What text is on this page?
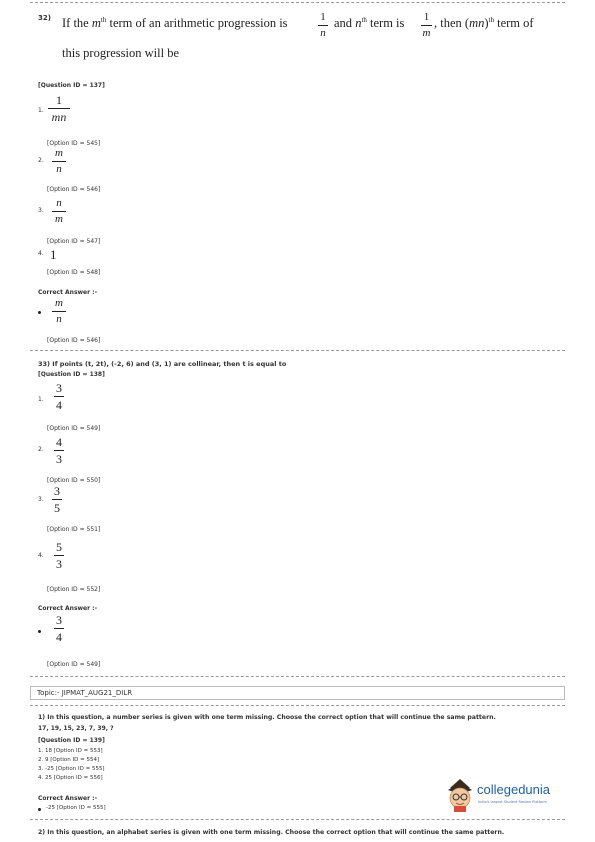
32) If the $m^{th}$ term of an arithmetic progression is	1
n
and $n^{th}$ term is 1
m
, then (mn)$^{th}$ term of
this progression will be
[Question ID = 137]
1.
1
mn
[Option ID = 545]
2.
m
n
[Option ID = 546]
3.
n
m
[Option ID = 547]
4. 1
[Option ID = 548]
Correct Answer :-
m
n
[Option ID = 546]
33) If points (t, 2t), (-2, 6) and (3, 1) are collinear, then t is equal to
[Question ID = 138]
1.
3
4
[Option ID = 549]
2.
4
3
[Option ID = 550]
3.
3
5
[Option ID = 551]
4.
5
3
[Option ID = 552]
Correct Answer :-
3
4
[Option ID = 549]
Topic:- JIPMAT_AUG21_DILR
1) In this question, a number series is given with one term missing. Choose the correct option that will continue the same pattern.
17, 19, 15, 23, 7, 39, ?
[Question ID = 139]
1. 18 [Option ID = 553]
2. 9 [Option ID = 554]
3. -25 [Option ID = 555]
4. 25 [Option ID = 556]
Correct Answer :-
-25 [Option ID = 555]
2) In this question, an alphabet series is given with one term missing. Choose the correct option that will continue the same pattern.
collegedunia
India's largest Student Review Platform
